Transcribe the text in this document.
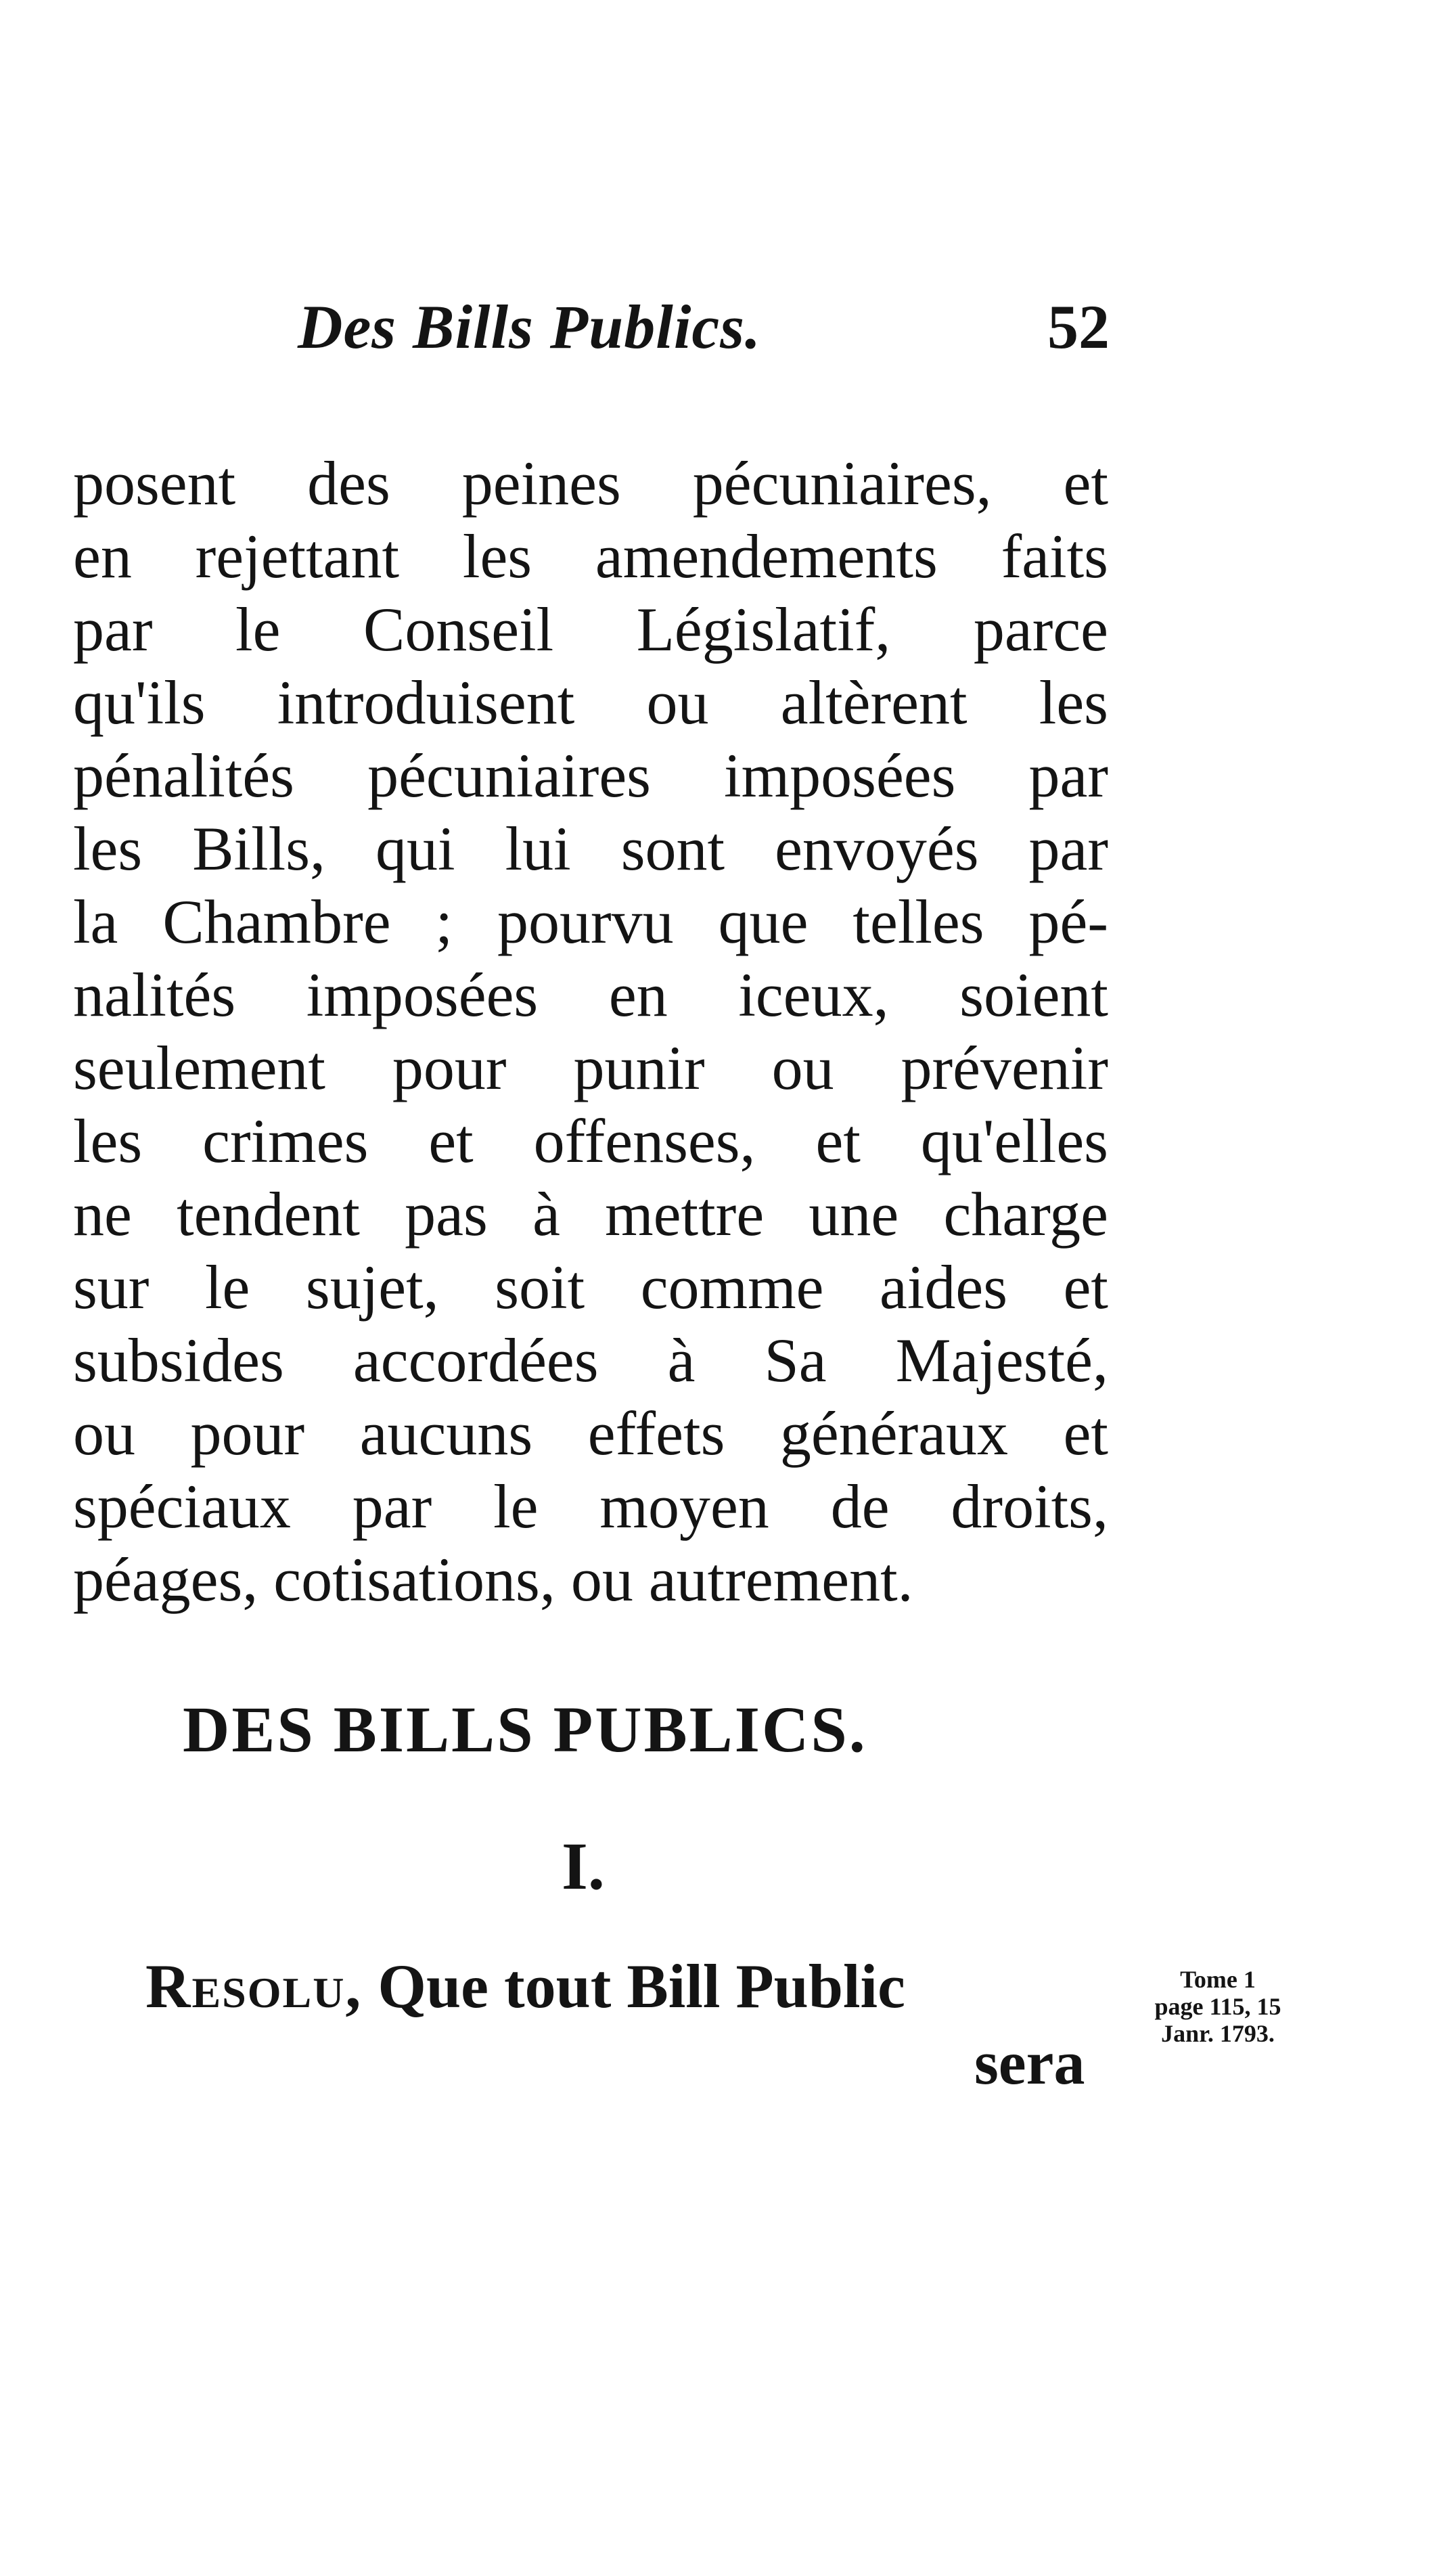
Des Bills Publics.	52
posent des peines pécuniaires, et
en rejettant les amendements faits
par le Conseil Législatif, parce
qu'ils introduisent ou altèrent les
pénalités pécuniaires imposées par
les Bills, qui lui sont envoyés par
la Chambre ; pourvu que telles pé-
nalités imposées en iceux, soient
seulement pour punir ou prévenir
les crimes et offenses, et qu'elles
ne tendent pas à mettre une charge
sur le sujet, soit comme aides et
subsides accordées à Sa Majesté,
ou pour aucuns effets généraux et
spéciaux par le moyen de droits,
péages, cotisations, ou autrement.
DES BILLS PUBLICS.
I.
Resolu, Que tout Bill Public
sera
Tome 1
page 115, 15
Janr. 1793.
